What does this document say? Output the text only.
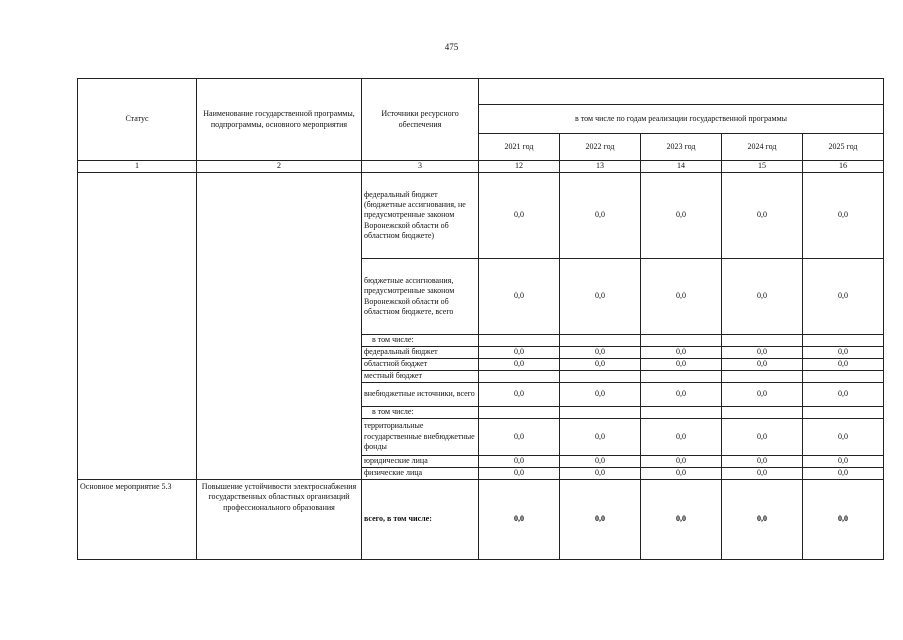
475
Статус	Наименование государственной программы, подпрограммы, основного мероприятия	Источники ресурсного обеспечения					
			в том числе по годам реализации государственной программы				
			2021 год	2022 год	2023 год	2024 год	2025 год
1	2	3	12	13	14	15	16
		федеральный бюджет (бюджетные ассигнования, не предусмотренные законом Воронежской области об областном бюджете)	0,0	0,0	0,0	0,0	0,0
		бюджетные ассигнования, предусмотренные законом Воронежской области об областном бюджете, всего	0,0	0,0	0,0	0,0	0,0
		в том числе:					
		федеральный бюджет	0,0	0,0	0,0	0,0	0,0
		областной бюджет	0,0	0,0	0,0	0,0	0,0
		местный бюджет					
		внебюджетные источники, всего	0,0	0,0	0,0	0,0	0,0
		в том числе:					
		территориальные государственные внебюджетные фонды	0,0	0,0	0,0	0,0	0,0
		юридические лица	0,0	0,0	0,0	0,0	0,0
		физические лица	0,0	0,0	0,0	0,0	0,0
Основное мероприятие 5.3	Повышение устойчивости электроснабжения государственных областных организаций профессионального образования	всего, в том числе:	0,0	0,0	0,0	0,0	0,0
